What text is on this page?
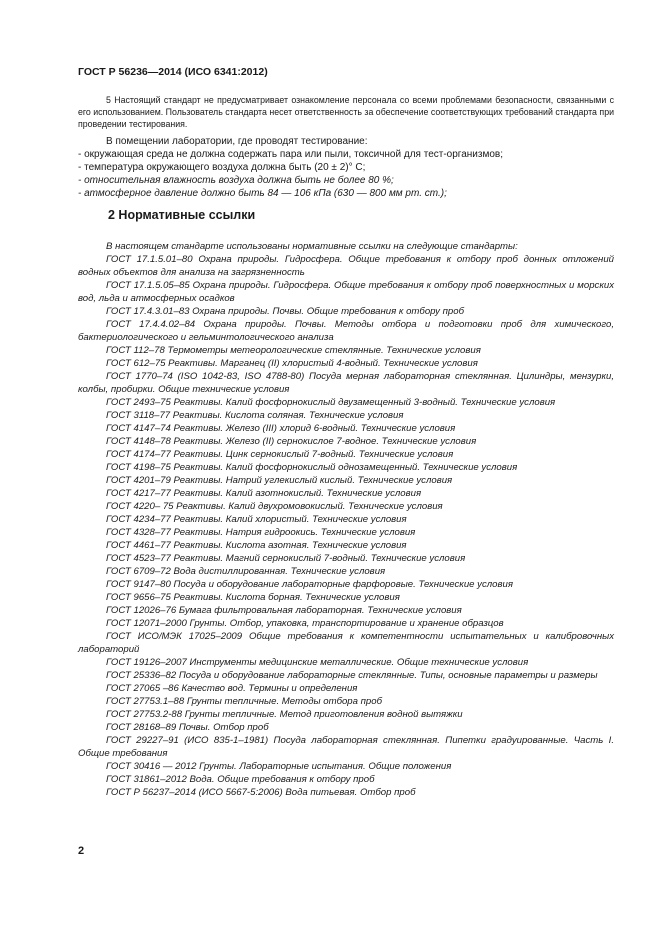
ГОСТ Р 56236—2014 (ИСО 6341:2012)

5 Настоящий стандарт не предусматривает ознакомление персонала со всеми проблемами безопасности, связанными с его использованием. Пользователь стандарта несет ответственность за обеспечение соответствующих требований стандарта при проведении тестирования.

В помещении лаборатории, где проводят тестирование:

- окружающая среда не должна содержать пара или пыли, токсичной для тест-организмов;

- температура окружающего воздуха должна быть (20 ± 2)° С;

- относительная влажность воздуха должна быть не более 80 %;

- атмосферное давление должно быть 84 — 106 кПа (630 — 800 мм рт. ст.);

2 Нормативные ссылки

В настоящем стандарте использованы нормативные ссылки на следующие стандарты:

ГОСТ 17.1.5.01–80 Охрана природы. Гидросфера. Общие требования к отбору проб донных отложений водных объектов для анализа на загрязненность

ГОСТ 17.1.5.05–85 Охрана природы. Гидросфера. Общие требования к отбору проб поверхностных и морских вод, льда и атмосферных осадков

ГОСТ 17.4.3.01–83 Охрана природы. Почвы. Общие требования к отбору проб

ГОСТ 17.4.4.02–84 Охрана природы. Почвы. Методы отбора и подготовки проб для химического, бактериологического и гельминтологического анализа

ГОСТ 112–78 Термометры метеорологические стеклянные. Технические условия

ГОСТ 612–75 Реактивы. Марганец (II) хлористый 4-водный. Технические условия

ГОСТ 1770–74 (ISO 1042-83, ISO 4788-80) Посуда мерная лабораторная стеклянная. Цилиндры, мензурки, колбы, пробирки. Общие технические условия

ГОСТ 2493–75 Реактивы. Калий фосфорнокислый двузамещенный 3-водный. Технические условия

ГОСТ 3118–77 Реактивы. Кислота соляная. Технические условия

ГОСТ 4147–74 Реактивы. Железо (III) хлорид 6-водный. Технические условия

ГОСТ 4148–78 Реактивы. Железо (II) сернокислое 7-водное. Технические условия

ГОСТ 4174–77 Реактивы. Цинк сернокислый 7-водный. Технические условия

ГОСТ 4198–75 Реактивы. Калий фосфорнокислый однозамещенный. Технические условия

ГОСТ 4201–79 Реактивы. Натрий углекислый кислый. Технические условия

ГОСТ 4217–77 Реактивы. Калий азотнокислый. Технические условия

ГОСТ 4220– 75 Реактивы. Калий двухромовокислый. Технические условия

ГОСТ 4234–77 Реактивы. Калий хлористый. Технические условия

ГОСТ 4328–77 Реактивы. Натрия гидроокись. Технические условия

ГОСТ 4461–77 Реактивы. Кислота азотная. Технические условия

ГОСТ 4523–77 Реактивы. Магний сернокислый 7-водный. Технические условия

ГОСТ 6709–72 Вода дистиллированная. Технические условия

ГОСТ 9147–80 Посуда и оборудование лабораторные фарфоровые. Технические условия

ГОСТ 9656–75 Реактивы. Кислота борная. Технические условия

ГОСТ 12026–76 Бумага фильтровальная лабораторная. Технические условия

ГОСТ 12071–2000 Грунты. Отбор, упаковка, транспортирование и хранение образцов

ГОСТ ИСО/МЭК 17025–2009 Общие требования к компетентности испытательных и калибровочных лабораторий

ГОСТ 19126–2007 Инструменты медицинские металлические. Общие технические условия

ГОСТ 25336–82 Посуда и оборудование лабораторные стеклянные. Типы, основные параметры и размеры

ГОСТ 27065 –86 Качество вод. Термины и определения

ГОСТ 27753.1–88 Грунты тепличные. Методы отбора проб

ГОСТ 27753.2-88 Грунты тепличные. Метод приготовления водной вытяжки

ГОСТ 28168–89 Почвы. Отбор проб

ГОСТ 29227–91 (ИСО 835-1–1981) Посуда лабораторная стеклянная. Пипетки градуированные. Часть I. Общие требования

ГОСТ 30416 — 2012 Грунты. Лабораторные испытания. Общие положения

ГОСТ 31861–2012 Вода. Общие требования к отбору проб

ГОСТ Р 56237–2014 (ИСО 5667-5:2006) Вода питьевая. Отбор проб

2
